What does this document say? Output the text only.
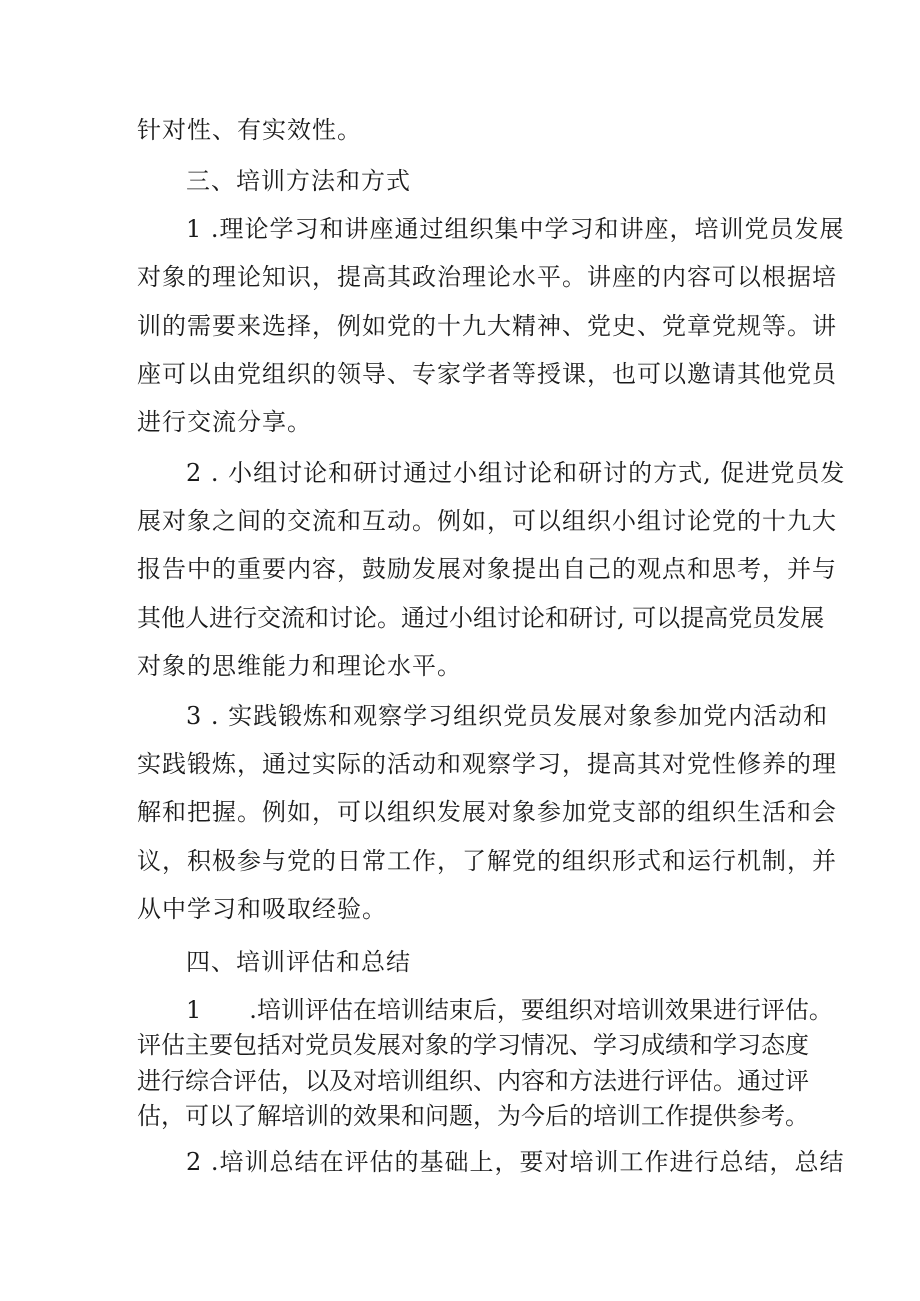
针对性、有实效性。
三、培训方法和方式
1 .理论学习和讲座通过组织集中学习和讲座，培训党员发展
对象的理论知识，提高其政治理论水平。讲座的内容可以根据培
训的需要来选择，例如党的十九大精神、党史、党章党规等。讲
座可以由党组织的领导、专家学者等授课，也可以邀请其他党员
进行交流分享。
2 . 小组讨论和研讨通过小组讨论和研讨的方式, 促进党员发
展对象之间的交流和互动。例如，可以组织小组讨论党的十九大
报告中的重要内容，鼓励发展对象提出自己的观点和思考，并与
其他人进行交流和讨论。通过小组讨论和研讨, 可以提高党员发展
对象的思维能力和理论水平。
3 . 实践锻炼和观察学习组织党员发展对象参加党内活动和
实践锻炼，通过实际的活动和观察学习，提高其对党性修养的理
解和把握。例如，可以组织发展对象参加党支部的组织生活和会
议，积极参与党的日常工作，了解党的组织形式和运行机制，并
从中学习和吸取经验。
四、培训评估和总结
1　　.培训评估在培训结束后，要组织对培训效果进行评估。
评估主要包括对党员发展对象的学习情况、学习成绩和学习态度
进行综合评估，以及对培训组织、内容和方法进行评估。通过评
估，可以了解培训的效果和问题，为今后的培训工作提供参考。
2 .培训总结在评估的基础上，要对培训工作进行总结，总结
